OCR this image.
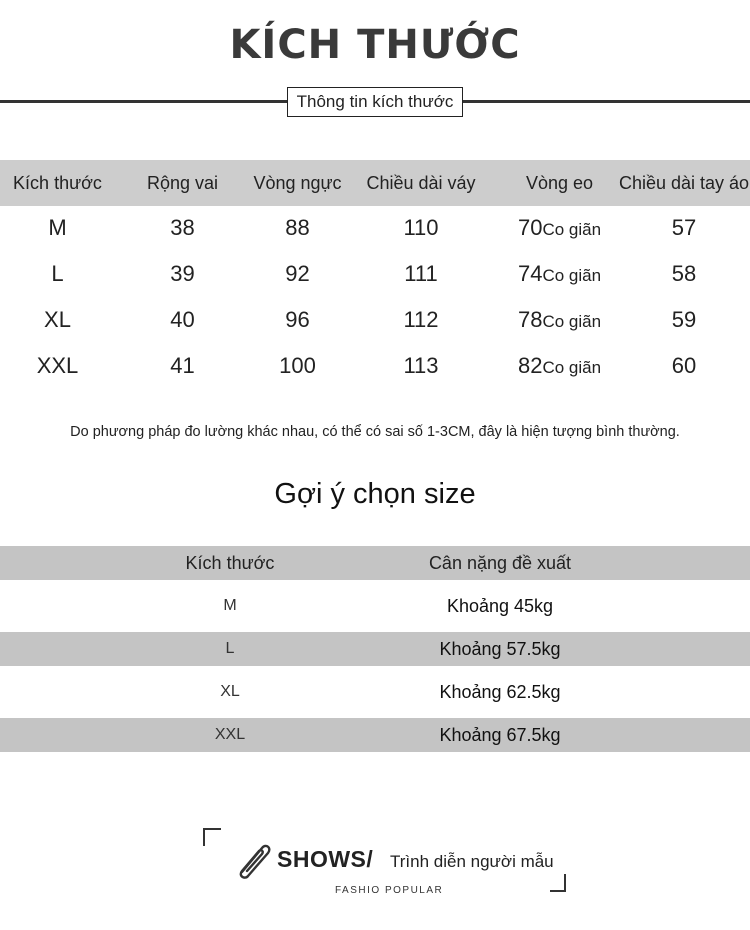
KÍCH THƯỚC
Thông tin kích thước
Kích thước	Rộng vai	Vòng ngực	Chiều dài váy	Vòng eo	Chiều dài tay áo
M	38	88	110	70Co giãn	57
L	39	92	111	74Co giãn	58
XL	40	96	112	78Co giãn	59
XXL	41	100	113	82Co giãn	60
Do phương pháp đo lường khác nhau, có thể có sai số 1-3CM, đây là hiện tượng bình thường.
Gợi ý chọn size
Kích thước	Cân nặng đề xuất
M	Khoảng 45kg
L	Khoảng 57.5kg
XL	Khoảng 62.5kg
XXL	Khoảng 67.5kg
SHOWS/ Trình diễn người mẫu
FASHIO POPULAR
